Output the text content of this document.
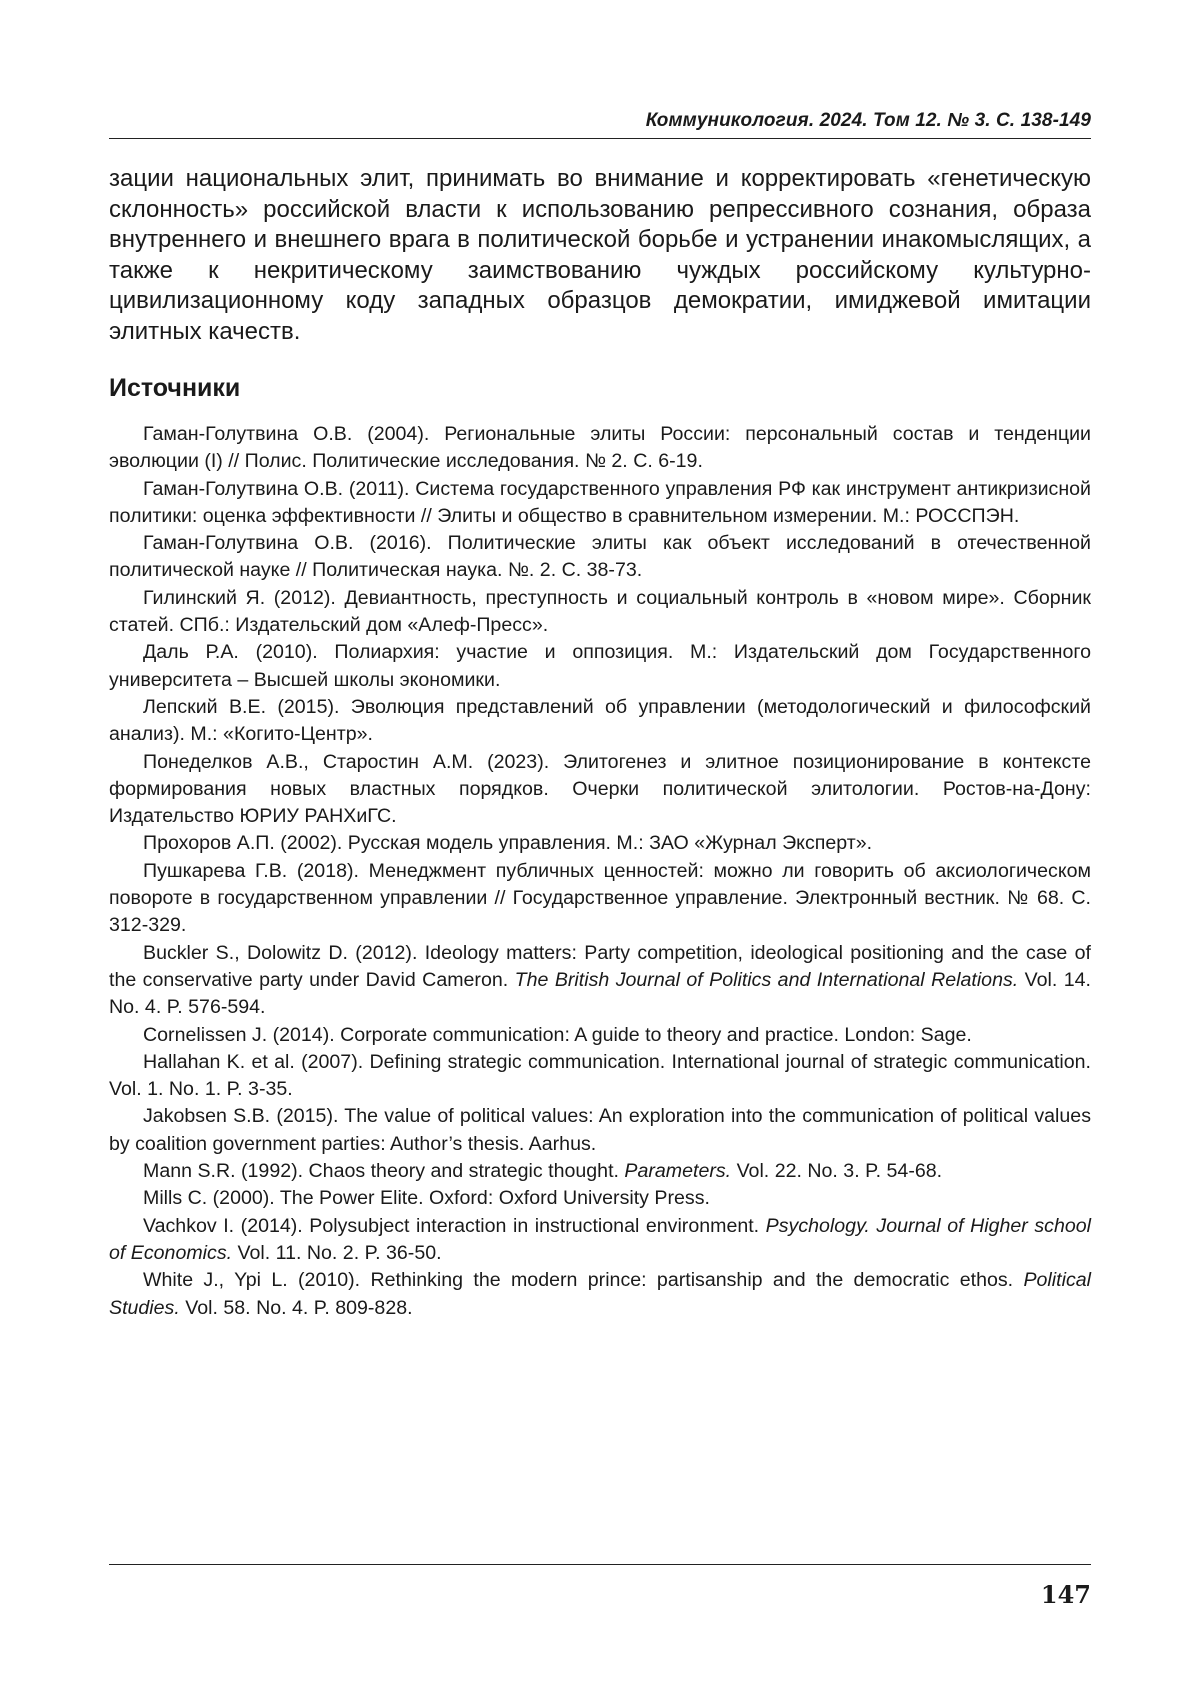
Коммуникология. 2024. Том 12. № 3. С. 138-149

зации национальных элит, принимать во внимание и корректировать «генетическую склонность» российской власти к использованию репрессивного сознания, образа внутреннего и внешнего врага в политической борьбе и устранении инакомыслящих, а также к некритическому заимствованию чуждых российскому культурно-цивилизационному коду западных образцов демократии, имиджевой имитации элитных качеств.

Источники
Гаман-Голутвина О.В. (2004). Региональные элиты России: персональный состав и тенденции эволюции (I) // Полис. Политические исследования. № 2. С. 6-19.
Гаман-Голутвина О.В. (2011). Система государственного управления РФ как инструмент антикризисной политики: оценка эффективности // Элиты и общество в сравнительном измерении. М.: РОССПЭН.
Гаман-Голутвина О.В. (2016). Политические элиты как объект исследований в отечественной политической науке // Политическая наука. №. 2. С. 38-73.
Гилинский Я. (2012). Девиантность, преступность и социальный контроль в «новом мире». Сборник статей. СПб.: Издательский дом «Алеф-Пресс».
Даль Р.А. (2010). Полиархия: участие и оппозиция. М.: Издательский дом Государственного университета – Высшей школы экономики.
Лепский В.Е. (2015). Эволюция представлений об управлении (методологический и философский анализ). М.: «Когито-Центр».
Понеделков А.В., Старостин А.М. (2023). Элитогенез и элитное позиционирование в контексте формирования новых властных порядков. Очерки политической элитологии. Ростов-на-Дону: Издательство ЮРИУ РАНХиГС.
Прохоров А.П. (2002). Русская модель управления. М.: ЗАО «Журнал Эксперт».
Пушкарева Г.В. (2018). Менеджмент публичных ценностей: можно ли говорить об аксиологическом повороте в государственном управлении // Государственное управление. Электронный вестник. № 68. С. 312-329.
Buckler S., Dolowitz D. (2012). Ideology matters: Party competition, ideological positioning and the case of the conservative party under David Cameron. The British Journal of Politics and International Relations. Vol. 14. No. 4. P. 576-594.
Cornelissen J. (2014). Corporate communication: A guide to theory and practice. London: Sage.
Hallahan K. et al. (2007). Defining strategic communication. International journal of strategic communication. Vol. 1. No. 1. P. 3-35.
Jakobsen S.B. (2015). The value of political values: An exploration into the communication of political values by coalition government parties: Author’s thesis. Aarhus.
Mann S.R. (1992). Chaos theory and strategic thought. Parameters. Vol. 22. No. 3. P. 54-68.
Mills C. (2000). The Power Elite. Oxford: Oxford University Press.
Vachkov I. (2014). Polysubject interaction in instructional environment. Psychology. Journal of Higher school of Economics. Vol. 11. No. 2. P. 36-50.
White J., Ypi L. (2010). Rethinking the modern prince: partisanship and the democratic ethos. Political Studies. Vol. 58. No. 4. P. 809-828.
147
